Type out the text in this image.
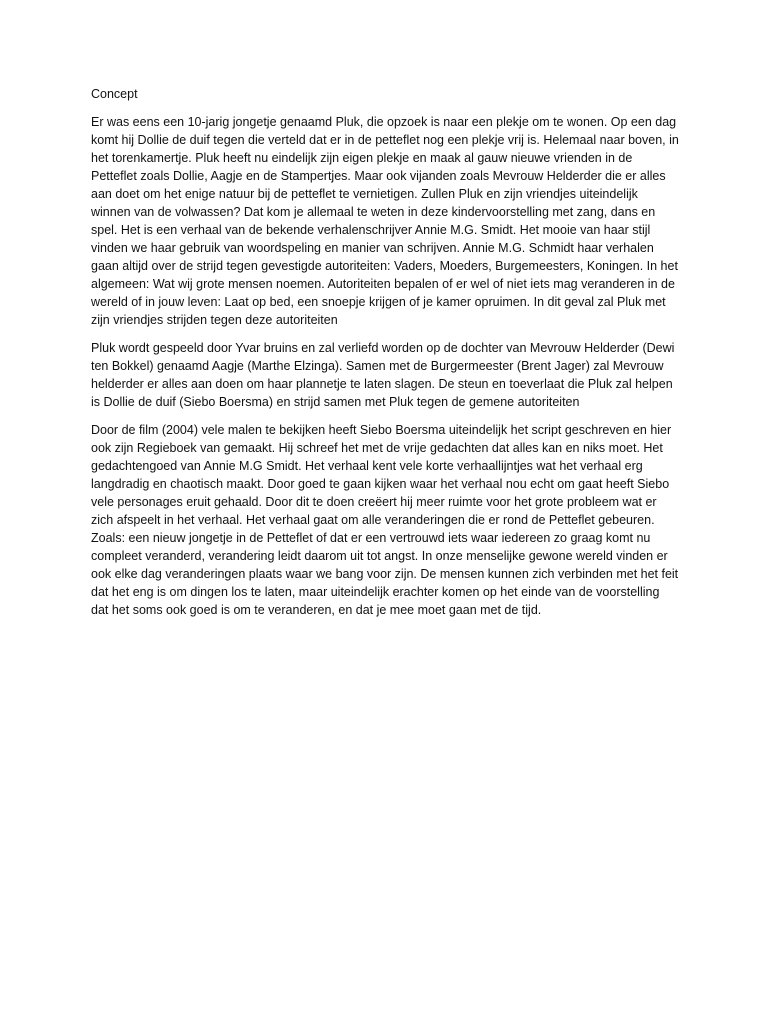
Concept

Er was eens een 10-jarig jongetje genaamd Pluk, die opzoek is naar een plekje om te wonen. Op een dag komt hij Dollie de duif tegen die verteld dat er in de petteflet nog een plekje vrij is. Helemaal naar boven, in het torenkamertje. Pluk heeft nu eindelijk zijn eigen plekje en maak al gauw nieuwe vrienden in de Petteflet zoals Dollie, Aagje en de Stampertjes. Maar ook vijanden zoals Mevrouw Helderder die er alles aan doet om het enige natuur bij de petteflet te vernietigen. Zullen Pluk en zijn vriendjes uiteindelijk winnen van de volwassen? Dat kom je allemaal te weten in deze kindervoorstelling met zang, dans en spel. Het is een verhaal van de bekende verhalenschrijver Annie M.G. Smidt. Het mooie van haar stijl vinden we haar gebruik van woordspeling en manier van schrijven. Annie M.G. Schmidt haar verhalen gaan altijd over de strijd tegen gevestigde autoriteiten: Vaders, Moeders, Burgemeesters, Koningen. In het algemeen: Wat wij grote mensen noemen. Autoriteiten bepalen of er wel of niet iets mag veranderen in de wereld of in jouw leven: Laat op bed, een snoepje krijgen of je kamer opruimen. In dit geval zal Pluk met zijn vriendjes strijden tegen deze autoriteiten

Pluk wordt gespeeld door Yvar bruins en zal verliefd worden op de dochter van Mevrouw Helderder (Dewi ten Bokkel) genaamd Aagje (Marthe Elzinga). Samen met de Burgermeester (Brent Jager) zal Mevrouw helderder er alles aan doen om haar plannetje te laten slagen. De steun en toeverlaat die Pluk zal helpen is Dollie de duif (Siebo Boersma) en strijd samen met Pluk tegen de gemene autoriteiten

Door de film (2004) vele malen te bekijken heeft Siebo Boersma uiteindelijk het script geschreven en hier ook zijn Regieboek van gemaakt. Hij schreef het met de vrije gedachten dat alles kan en niks moet. Het gedachtengoed van Annie M.G Smidt. Het verhaal kent vele korte verhaallijntjes wat het verhaal erg langdradig en chaotisch maakt. Door goed te gaan kijken waar het verhaal nou echt om gaat heeft Siebo vele personages eruit gehaald. Door dit te doen creëert hij meer ruimte voor het grote probleem wat er zich afspeelt in het verhaal. Het verhaal gaat om alle veranderingen die er rond de Petteflet gebeuren. Zoals: een nieuw jongetje in de Petteflet of dat er een vertrouwd iets waar iedereen zo graag komt nu compleet veranderd, verandering leidt daarom uit tot angst. In onze menselijke gewone wereld vinden er ook elke dag veranderingen plaats waar we bang voor zijn. De mensen kunnen zich verbinden met het feit dat het eng is om dingen los te laten, maar uiteindelijk erachter komen op het einde van de voorstelling dat het soms ook goed is om te veranderen, en dat je mee moet gaan met de tijd.
